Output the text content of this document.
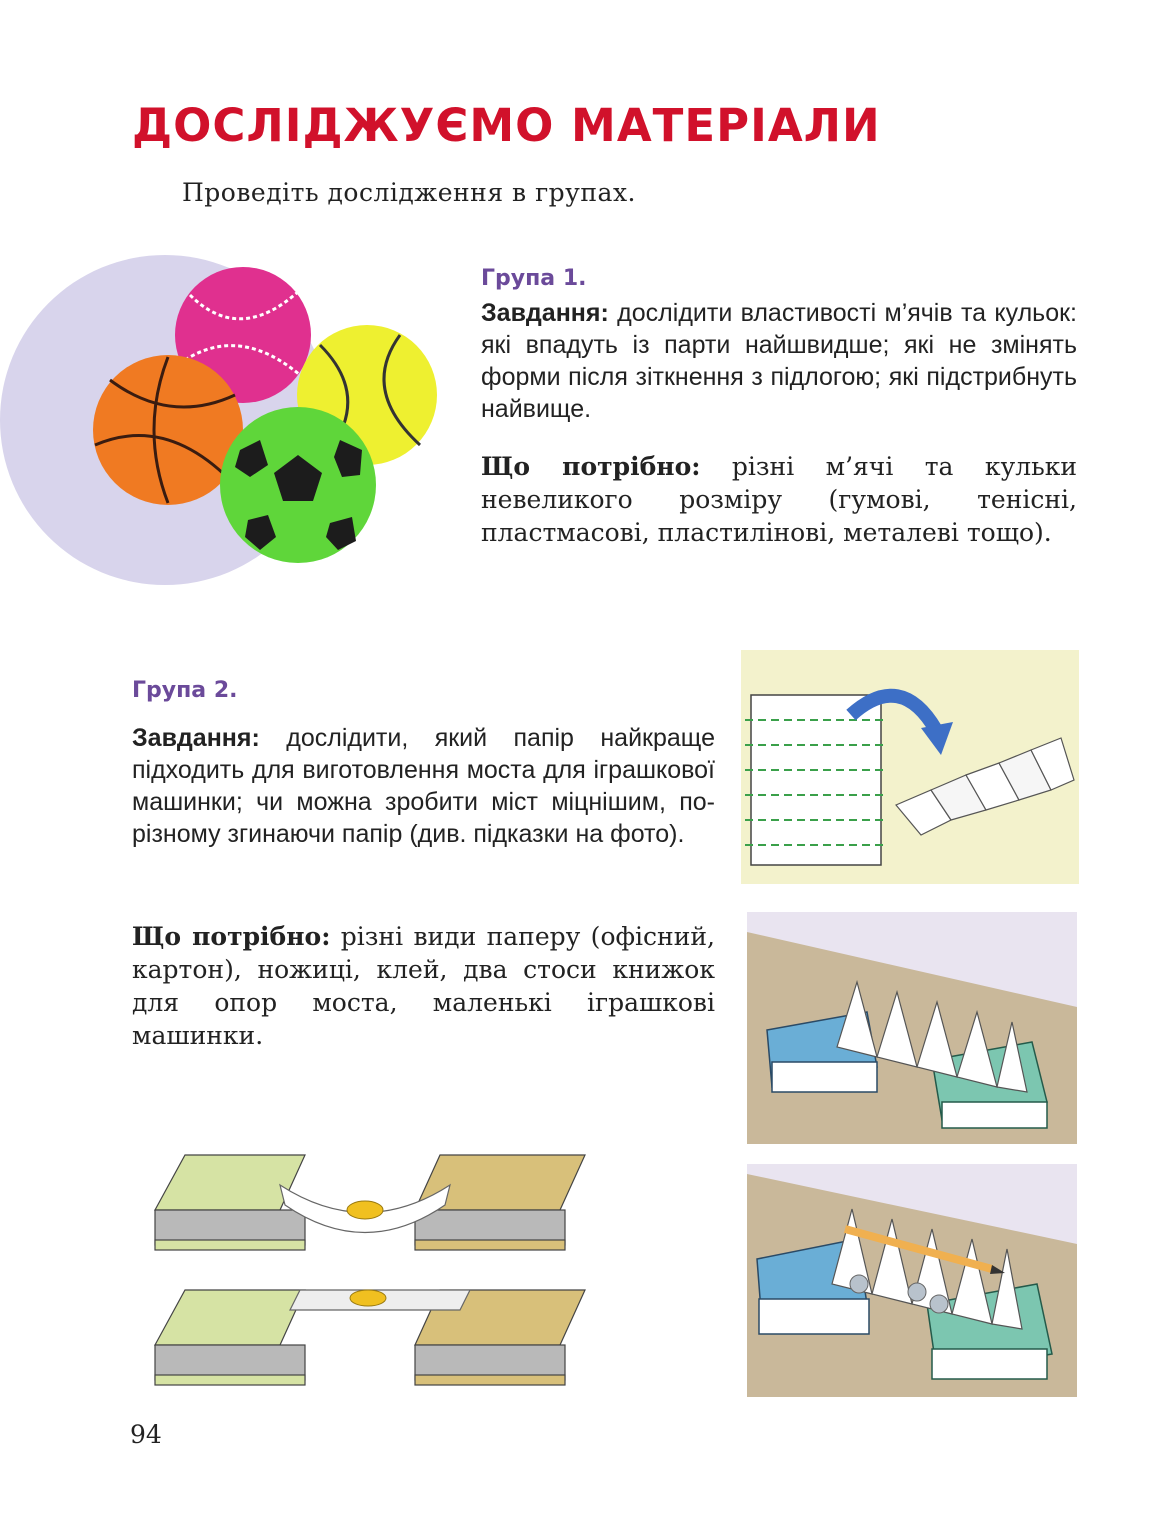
ДОСЛІДЖУЄМО МАТЕРІАЛИ
Проведіть дослідження в групах.
Група 1.
Завдання: дослідити властивості м’ячів та кульок: які впадуть із парти найшвидше; які не змінять форми після зіткнення з підлогою; які підстрибнуть найвище.
Що потрібно: різні м’ячі та кульки невеликого розміру (гумові, тенісні, пластмасові, пластилінові, металеві тощо).
Група 2.
Завдання: дослідити, який папір найкраще підходить для виготовлення моста для іграшкової машинки; чи можна зробити міст міцнішим, по-різному згинаючи папір (див. підказки на фото).
Що потрібно: різні види паперу (офісний, картон), ножиці, клей, два стоси книжок для опор моста, маленькі іграшкові машинки.
94
